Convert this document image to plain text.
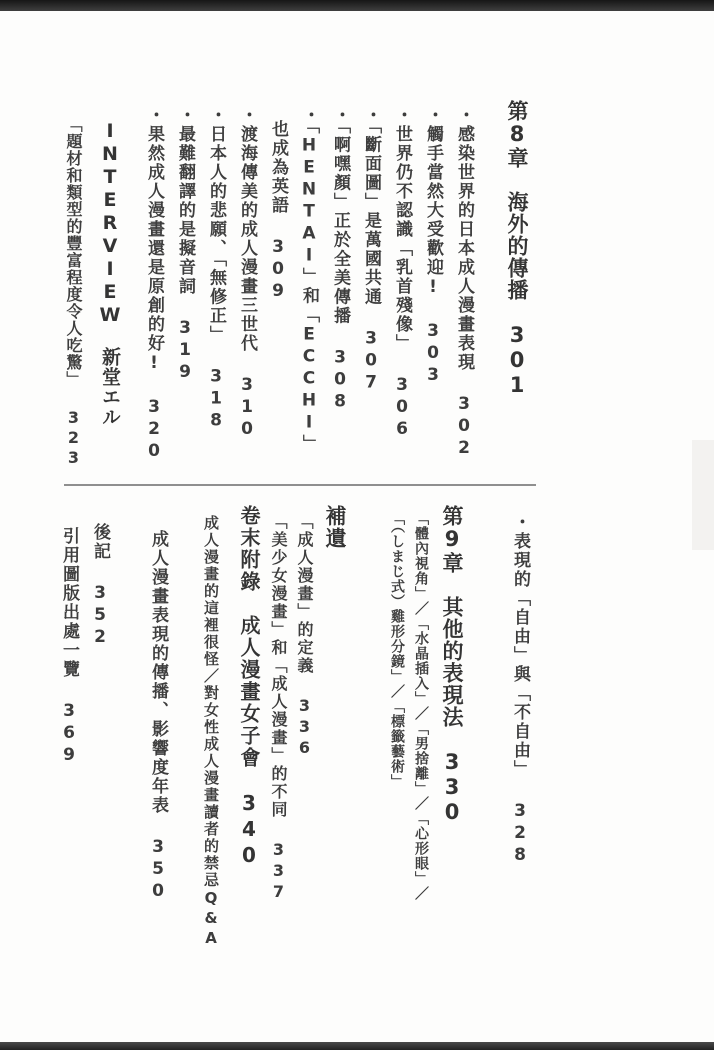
第8章　海外的傳播　301
・感染世界的日本成人漫畫表現 302
・觸手當然大受歡迎! 303
・世界仍不認識「乳首殘像」 306
・「斷面圖」是萬國共通 307
・「啊嘿顏」正於全美傳播 308
・「HENTAI」和「ECCHI」
也成為英語 309
・渡海傳美的成人漫畫三世代 310
・日本人的悲願、「無修正」 318
・最難翻譯的是擬音詞 319
・果然成人漫畫還是原創的好! 320
INTERVIEW　新堂エル
「題材和類型的豐富程度令人吃驚」 323
・表現的「自由」與「不自由」 328
第9章　其他的表現法　330
「體內視角」／「水晶插入」／「男捨離」／「心形眼」／
「（しまじ式）雞形分鏡」／「標籤藝術」
補遺
「成人漫畫」的定義 336
「美少女漫畫」和「成人漫畫」的不同 337
卷末附錄　成人漫畫女子會　340
成人漫畫的這裡很怪／對女性成人漫畫讀者的禁忌Q&A
成人漫畫表現的傳播、影響度年表 350
後記 352
引用圖版出處一覽 369
